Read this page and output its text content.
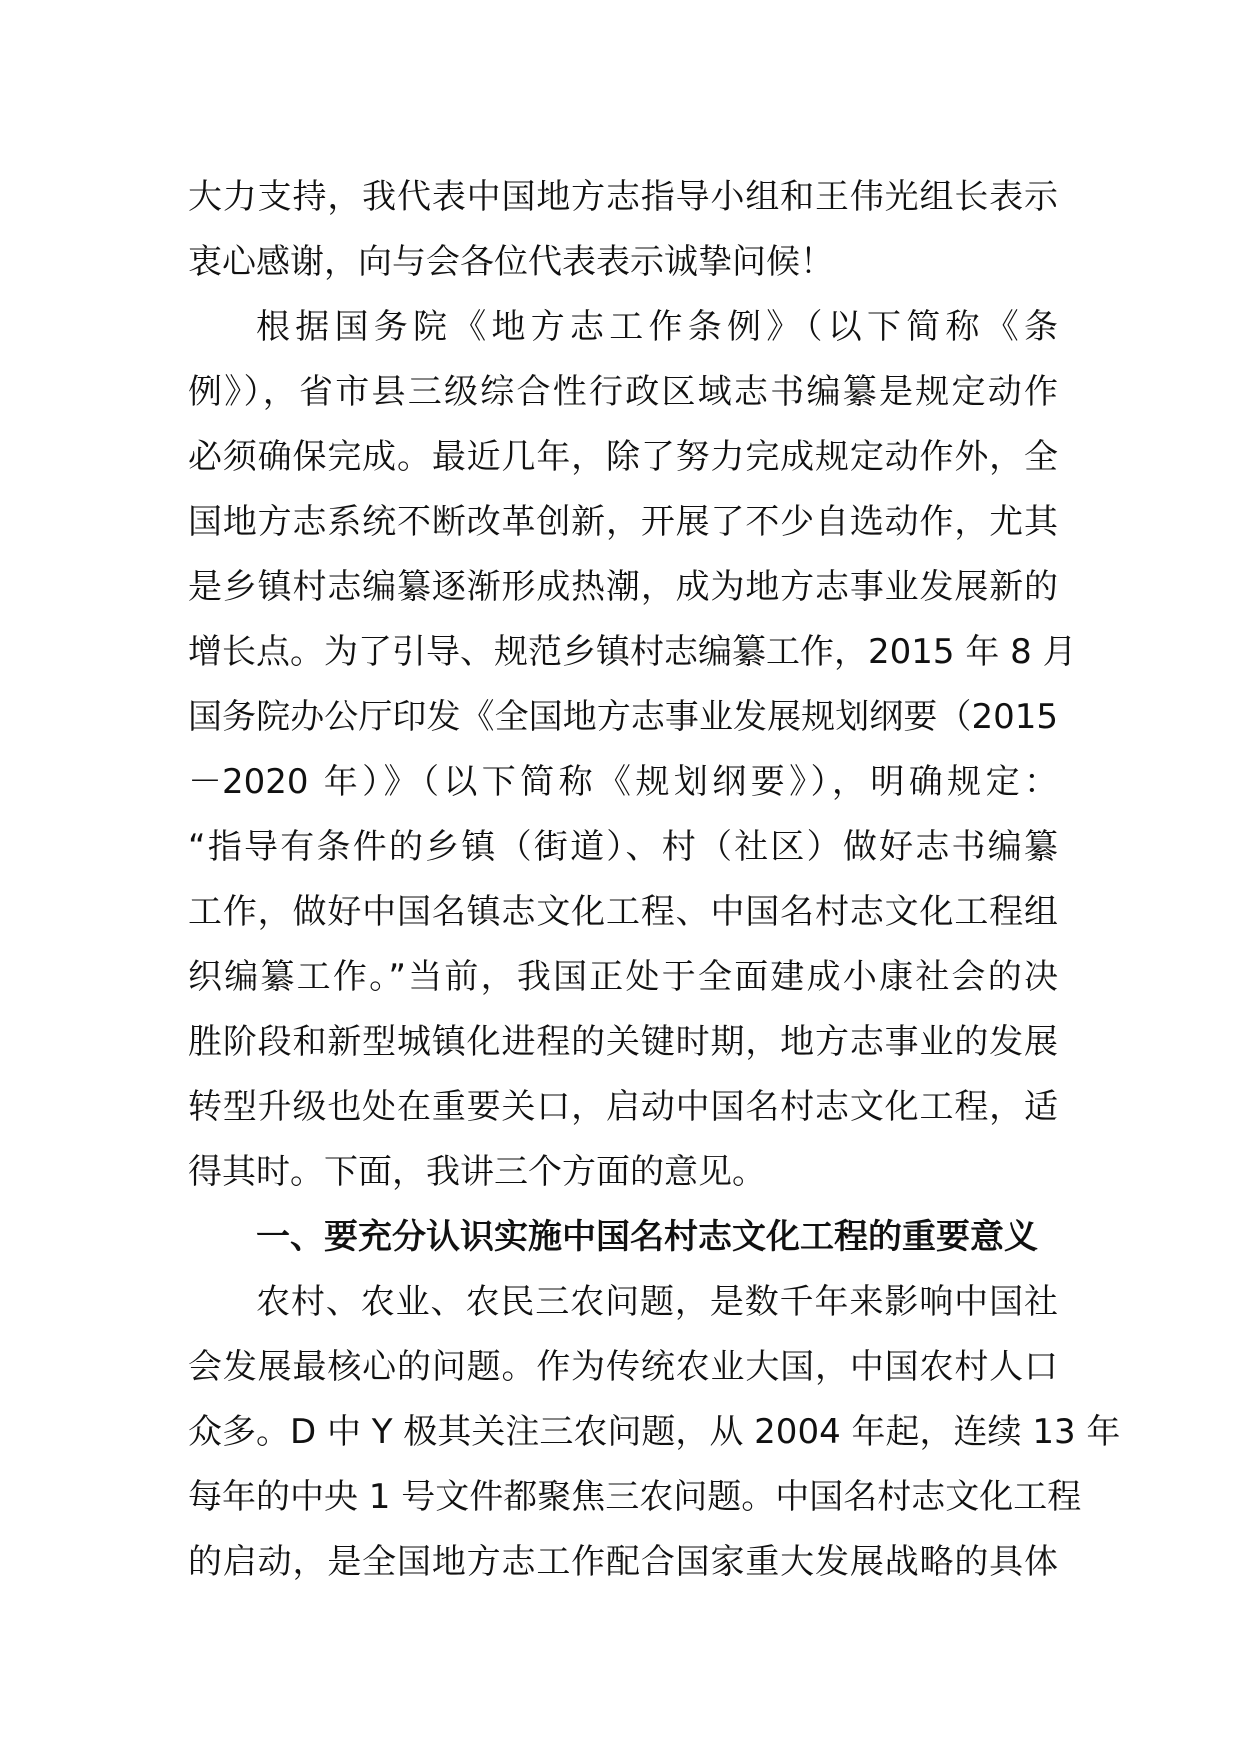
大力支持，我代表中国地方志指导小组和王伟光组长表示
衷心感谢，向与会各位代表表示诚挚问候！
根据国务院《地方志工作条例》（以下简称《条
例》），省市县三级综合性行政区域志书编纂是规定动作
必须确保完成。最近几年，除了努力完成规定动作外，全
国地方志系统不断改革创新，开展了不少自选动作，尤其
是乡镇村志编纂逐渐形成热潮，成为地方志事业发展新的
增长点。为了引导、规范乡镇村志编纂工作，2015 年 8 月
国务院办公厅印发《全国地方志事业发展规划纲要（2015
－2020 年）》（以下简称《规划纲要》），明确规定：
“指导有条件的乡镇（街道）、村（社区）做好志书编纂
工作，做好中国名镇志文化工程、中国名村志文化工程组
织编纂工作。”当前，我国正处于全面建成小康社会的决
胜阶段和新型城镇化进程的关键时期，地方志事业的发展
转型升级也处在重要关口，启动中国名村志文化工程，适
得其时。下面，我讲三个方面的意见。
一、要充分认识实施中国名村志文化工程的重要意义
农村、农业、农民三农问题，是数千年来影响中国社
会发展最核心的问题。作为传统农业大国，中国农村人口
众多。D 中 Y 极其关注三农问题，从 2004 年起，连续 13 年
每年的中央 1 号文件都聚焦三农问题。中国名村志文化工程
的启动，是全国地方志工作配合国家重大发展战略的具体
